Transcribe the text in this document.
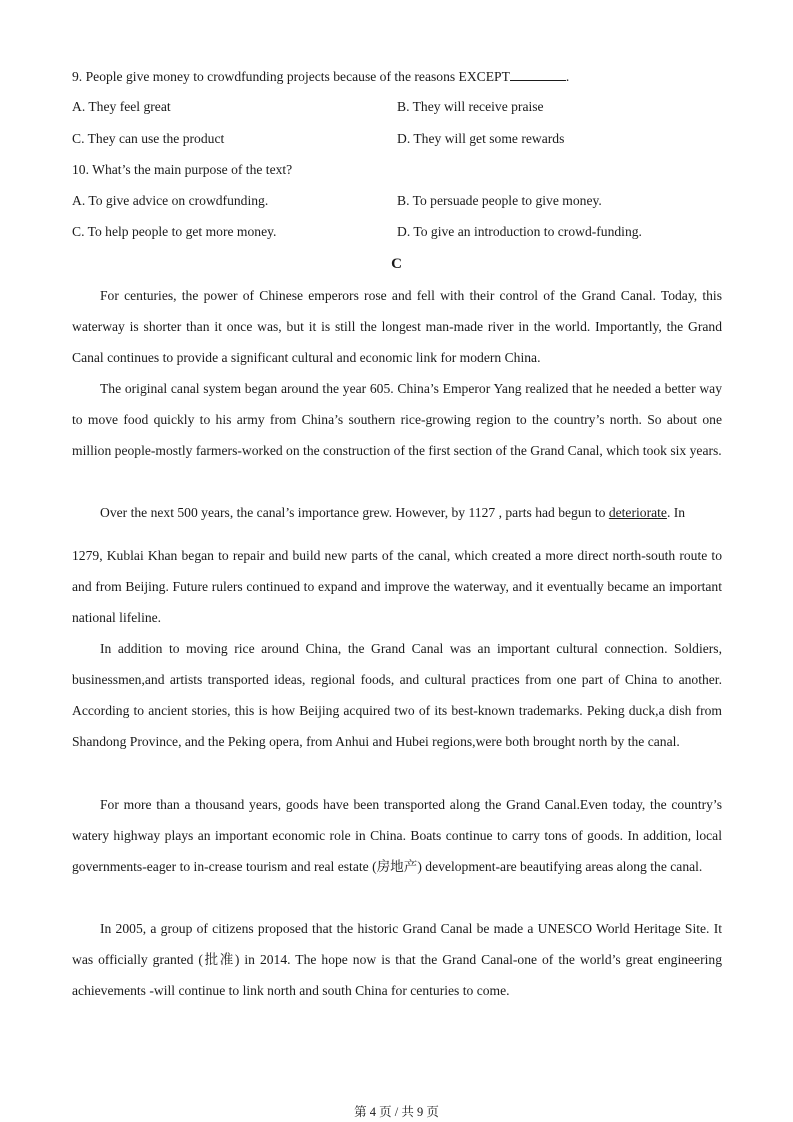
9. People give money to crowdfunding projects because of the reasons EXCEPT	.
A. They feel great	B. They will receive praise
C. They can use the product	D. They will get some rewards
10. What’s the main purpose of the text?
A. To give advice on crowdfunding.	B. To persuade people to give money.
C. To help people to get more money.	D. To give an introduction to crowd-funding.
C
For centuries, the power of Chinese emperors rose and fell with their control of the Grand Canal. Today, this waterway is shorter than it once was, but it is still the longest man-made river in the world. Importantly, the Grand Canal continues to provide a significant cultural and economic link for modern China.
The original canal system began around the year 605. China’s Emperor Yang realized that he needed a better way to move food quickly to his army from China’s southern rice-growing region to the country’s north. So about one million people-mostly farmers-worked on the construction of the first section of the Grand Canal, which took six years.
Over the next 500 years, the canal’s importance grew. However, by 1127 , parts had begun to deteriorate. In
1279, Kublai Khan began to repair and build new parts of the canal, which created a more direct north-south route to and from Beijing. Future rulers continued to expand and improve the waterway, and it eventually became an important national lifeline.
In addition to moving rice around China, the Grand Canal was an important cultural connection. Soldiers, businessmen,and artists transported ideas, regional foods, and cultural practices from one part of China to another. According to ancient stories, this is how Beijing acquired two of its best-known trademarks. Peking duck,a dish from Shandong Province, and the Peking opera, from Anhui and Hubei regions,were both brought north by the canal.
For more than a thousand years, goods have been transported along the Grand Canal.Even today, the country’s watery highway plays an important economic role in China. Boats continue to carry tons of goods. In addition, local governments-eager to in-crease tourism and real estate (房地产) development-are beautifying areas along the canal.
In 2005, a group of citizens proposed that the historic Grand Canal be made a UNESCO World Heritage Site. It was officially granted (批准) in 2014. The hope now is that the Grand Canal-one of the world’s great engineering achievements -will continue to link north and south China for centuries to come.
第 4 页 / 共 9 页
